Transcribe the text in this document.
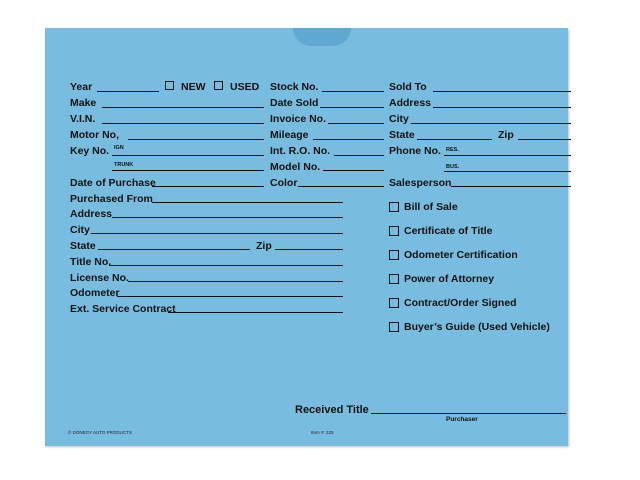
Year	NEW USED
Make
V.I.N.
Motor No,
Key No. IGN
TRUNK
Date of Purchase
Purchased From
Address
City
State	Zip
Title No.
License No.
Odometer
Ext. Service Contract
Stock No.
Date Sold
Invoice No.
Mileage
Int. R.O. No.
Model No.
Color
Sold To
Address
City
State	Zip
Phone No. RES.
BUS.
Salesperson
Bill of Sale
Certificate of Title
Odometer Certification
Power of Attorney
Contract/Order Signed
Buyer’s Guide (Used Vehicle)
Received Title
Purchaser
© DONEGY AUTO PRODUCTS	Item #: 225
